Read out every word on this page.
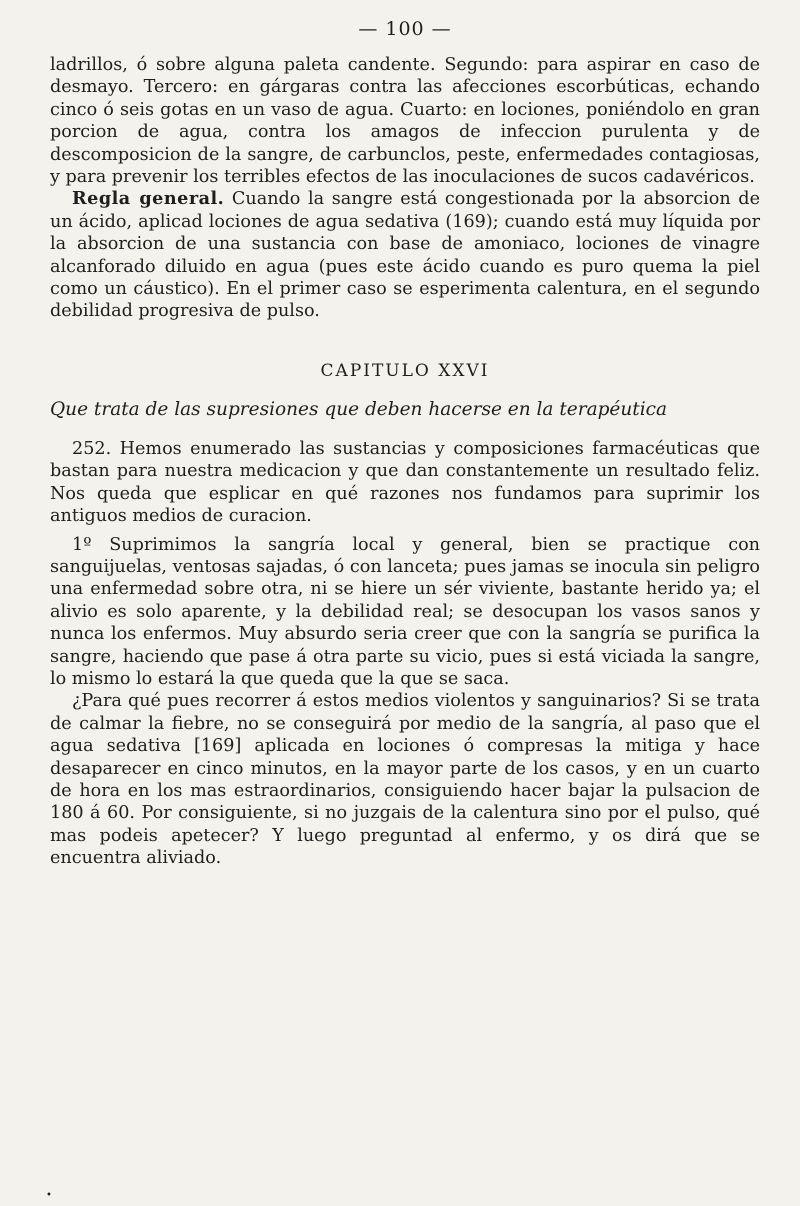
— 100 —

ladrillos, ó sobre alguna paleta candente. Segundo: para aspirar en caso de desmayo. Tercero: en gárgaras contra las afecciones escorbúticas, echando cinco ó seis gotas en un vaso de agua. Cuarto: en lociones, poniéndolo en gran porcion de agua, contra los amagos de infeccion purulenta y de descomposicion de la sangre, de carbunclos, peste, enfermedades contagiosas, y para prevenir los terribles efectos de las inoculaciones de sucos cadavéricos.

Regla general. Cuando la sangre está congestionada por la absorcion de un ácido, aplicad lociones de agua sedativa (169); cuando está muy líquida por la absorcion de una sustancia con base de amoniaco, lociones de vinagre alcanforado diluido en agua (pues este ácido cuando es puro quema la piel como un cáustico). En el primer caso se esperimenta calentura, en el segundo debilidad progresiva de pulso.

CAPITULO XXVI
Que trata de las supresiones que deben hacerse en la terapéutica

252. Hemos enumerado las sustancias y composiciones farmacéuticas que bastan para nuestra medicacion y que dan constantemente un resultado feliz. Nos queda que esplicar en qué razones nos fundamos para suprimir los antiguos medios de curacion.

1º Suprimimos la sangría local y general, bien se practique con sanguijuelas, ventosas sajadas, ó con lanceta; pues jamas se inocula sin peligro una enfermedad sobre otra, ni se hiere un sér viviente, bastante herido ya; el alivio es solo aparente, y la debilidad real; se desocupan los vasos sanos y nunca los enfermos. Muy absurdo seria creer que con la sangría se purifica la sangre, haciendo que pase á otra parte su vicio, pues si está viciada la sangre, lo mismo lo estará la que queda que la que se saca.

¿Para qué pues recorrer á estos medios violentos y sanguinarios? Si se trata de calmar la fiebre, no se conseguirá por medio de la sangría, al paso que el agua sedativa [169] aplicada en lociones ó compresas la mitiga y hace desaparecer en cinco minutos, en la mayor parte de los casos, y en un cuarto de hora en los mas estraordinarios, consiguiendo hacer bajar la pulsacion de 180 á 60. Por consiguiente, si no juzgais de la calentura sino por el pulso, qué mas podeis apetecer? Y luego preguntad al enfermo, y os dirá que se encuentra aliviado.

•
